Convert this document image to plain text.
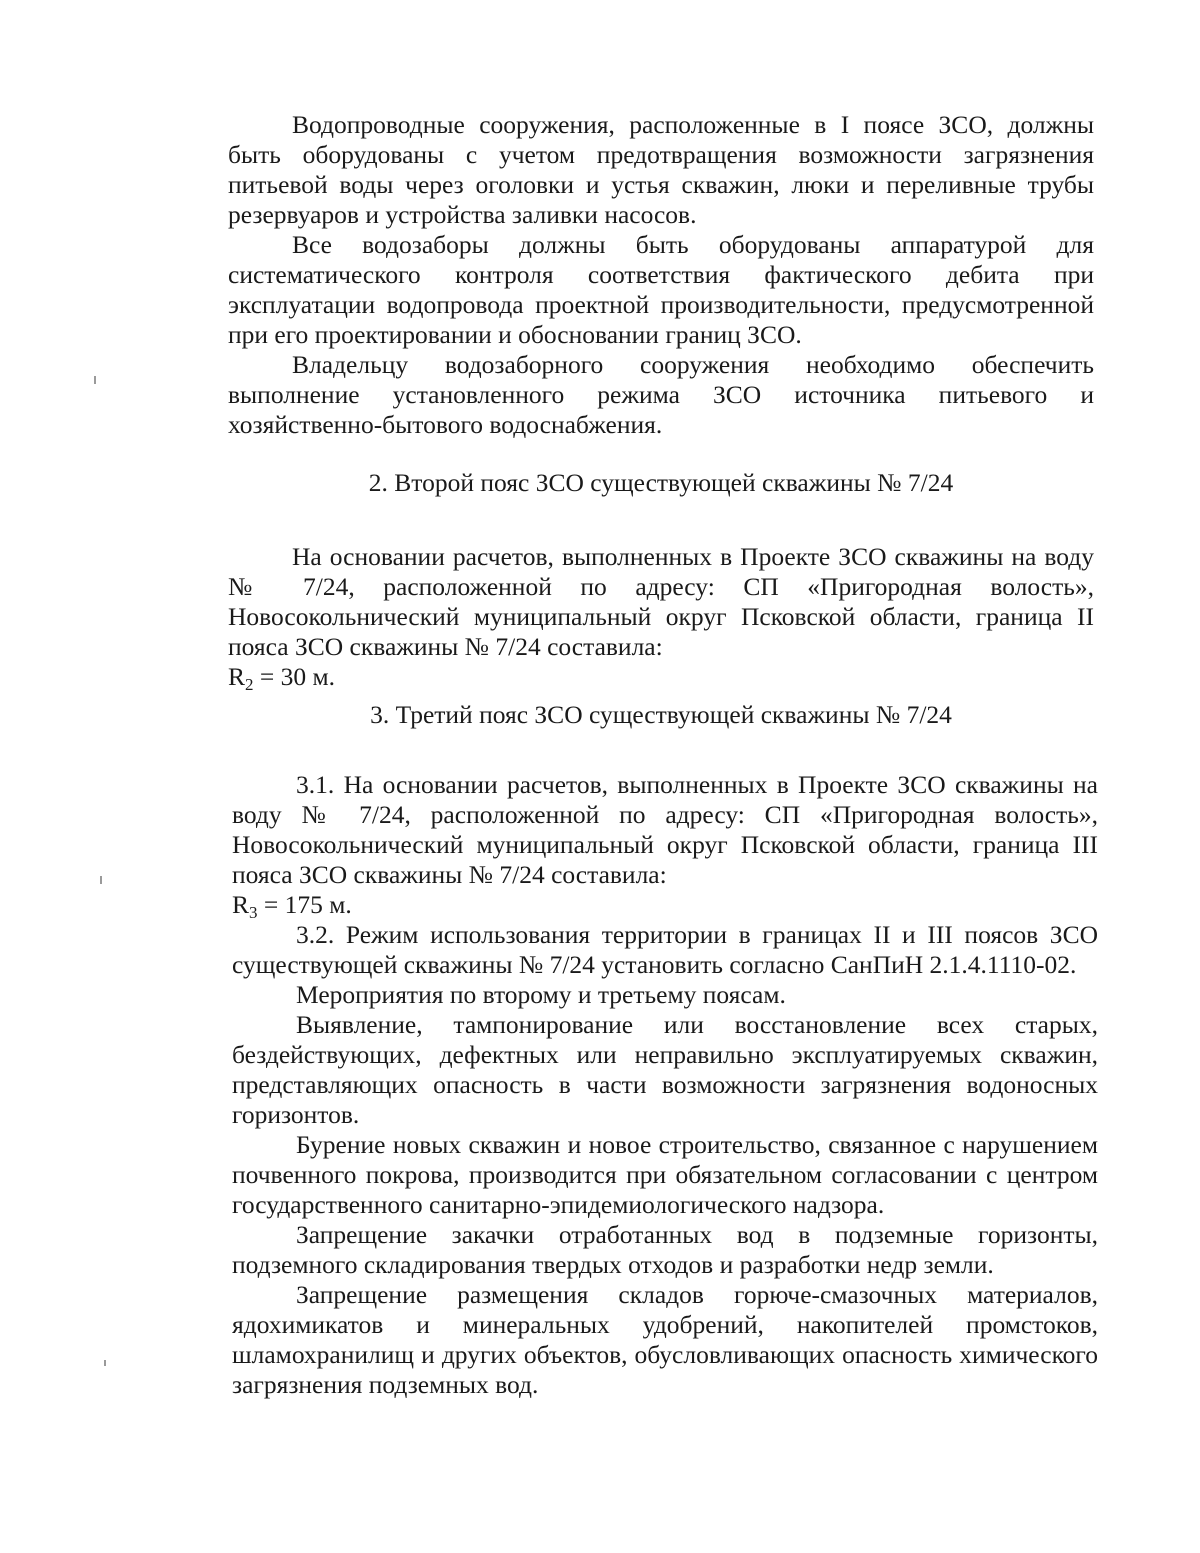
Водопроводные сооружения, расположенные в I поясе ЗСО, должны быть оборудованы с учетом предотвращения возможности загрязнения питьевой воды через оголовки и устья скважин, люки и переливные трубы резервуаров и устройства заливки насосов.

Все водозаборы должны быть оборудованы аппаратурой для систематического контроля соответствия фактического дебита при эксплуатации водопровода проектной производительности, предусмотренной при его проектировании и обосновании границ ЗСО.

Владельцу водозаборного сооружения необходимо обеспечить выполнение установленного режима ЗСО источника питьевого и хозяйственно-бытового водоснабжения.

2. Второй пояс ЗСО существующей скважины № 7/24

На основании расчетов, выполненных в Проекте ЗСО скважины на воду № 7/24, расположенной по адресу: СП «Пригородная волость», Новосокольнический муниципальный округ Псковской области, граница II пояса ЗСО скважины № 7/24 составила:

$R_2 = 30$ м.

3. Третий пояс ЗСО существующей скважины № 7/24

3.1. На основании расчетов, выполненных в Проекте ЗСО скважины на воду № 7/24, расположенной по адресу: СП «Пригородная волость», Новосокольнический муниципальный округ Псковской области, граница III пояса ЗСО скважины № 7/24 составила:

$R_3 = 175$ м.

3.2. Режим использования территории в границах II и III поясов ЗСО существующей скважины № 7/24 установить согласно СанПиН 2.1.4.1110-02.

Мероприятия по второму и третьему поясам.

Выявление, тампонирование или восстановление всех старых, бездействующих, дефектных или неправильно эксплуатируемых скважин, представляющих опасность в части возможности загрязнения водоносных горизонтов.

Бурение новых скважин и новое строительство, связанное с нарушением почвенного покрова, производится при обязательном согласовании с центром государственного санитарно-эпидемиологического надзора.

Запрещение закачки отработанных вод в подземные горизонты, подземного складирования твердых отходов и разработки недр земли.

Запрещение размещения складов горюче-смазочных материалов, ядохимикатов и минеральных удобрений, накопителей промстоков, шламохранилищ и других объектов, обусловливающих опасность химического загрязнения подземных вод.
